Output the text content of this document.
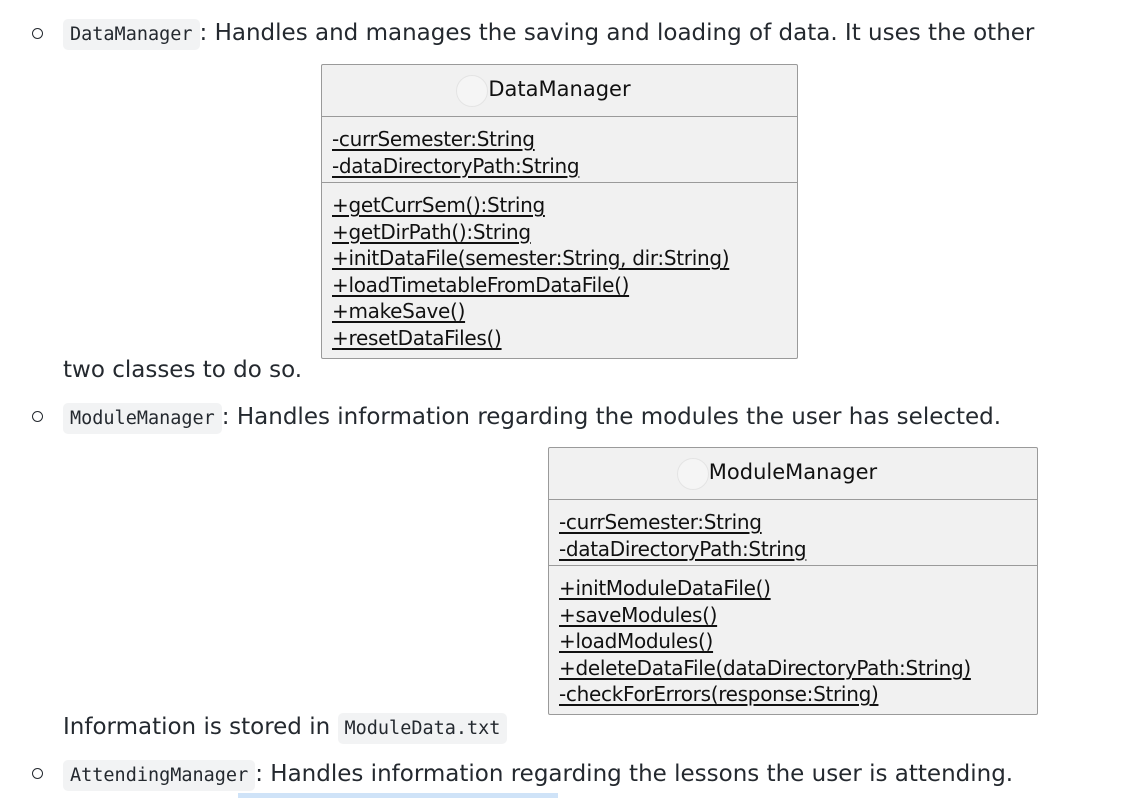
DataManager : Handles and manages the saving and loading of data. It uses the other
DataManager
-currSemester:String
-dataDirectoryPath:String
+getCurrSem():String
+getDirPath():String
+initDataFile(semester:String, dir:String)
+loadTimetableFromDataFile()
+makeSave()
+resetDataFiles()
two classes to do so.
ModuleManager : Handles information regarding the modules the user has selected.
ModuleManager
-currSemester:String
-dataDirectoryPath:String
+initModuleDataFile()
+saveModules()
+loadModules()
+deleteDataFile(dataDirectoryPath:String)
-checkForErrors(response:String)
Information is stored in ModuleData.txt
AttendingManager : Handles information regarding the lessons the user is attending.
